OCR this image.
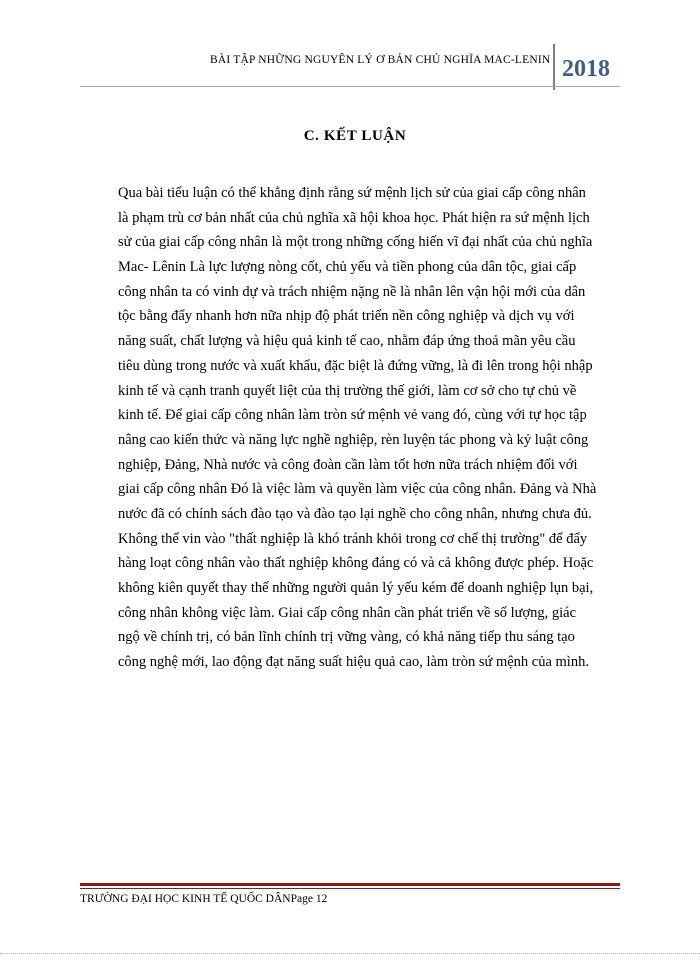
BÀI TẬP NHỮNG NGUYÊN LÝ Ơ BẢN CHỦ NGHĨA MAC-LENIN 2018
C. KẾT LUẬN
Qua bài tiểu luận có thể khẳng định rằng sứ mệnh lịch sử của giai cấp công nhân
là phạm trù cơ bản nhất của chủ nghĩa xã hội khoa học. Phát hiện ra sứ mệnh lịch
sử của giai cấp công nhân là một trong những cống hiến vĩ đại nhất của chủ nghĩa
Mac- Lênin Là lực lượng nòng cốt, chủ yếu và tiền phong của dân tộc, giai cấp
công nhân ta có vinh dự và trách nhiệm nặng nề là nhân lên vận hội mới của dân
tộc bằng đẩy nhanh hơn nữa nhịp độ phát triển nền công nghiệp và dịch vụ với
năng suất, chất lượng và hiệu quả kinh tế cao, nhằm đáp ứng thoả mãn yêu cầu
tiêu dùng trong nước và xuất khẩu, đặc biệt là đứng vững, là đi lên trong hội nhập
kinh tế và cạnh tranh quyết liệt của thị trường thế giới, làm cơ sở cho tự chủ về
kinh tế. Để giai cấp công nhân làm tròn sứ mệnh vẻ vang đó, cùng với tự học tập
nâng cao kiến thức và năng lực nghề nghiệp, rèn luyện tác phong và kỷ luật công
nghiệp, Đảng, Nhà nước và công đoàn cần làm tốt hơn nữa trách nhiệm đối với
giai cấp công nhân Đó là việc làm và quyền làm việc của công nhân. Đảng và Nhà
nước đã có chính sách đào tạo và đào tạo lại nghề cho công nhân, nhưng chưa đủ.
Không thể vin vào "thất nghiệp là khó tránh khỏi trong cơ chế thị trường" để đẩy
hàng loạt công nhân vào thất nghiệp không đáng có và cả không được phép. Hoặc
không kiên quyết thay thế những người quản lý yếu kém để doanh nghiệp lụn bại,
công nhân không việc làm. Giai cấp công nhân cần phát triển về số lượng, giác
ngộ về chính trị, có bản lĩnh chính trị vững vàng, có khả năng tiếp thu sáng tạo
công nghệ mới, lao động đạt năng suất hiệu quả cao, làm tròn sứ mệnh của mình.
TRƯỜNG ĐẠI HỌC KINH TẾ QUỐC DÂNPage 12
